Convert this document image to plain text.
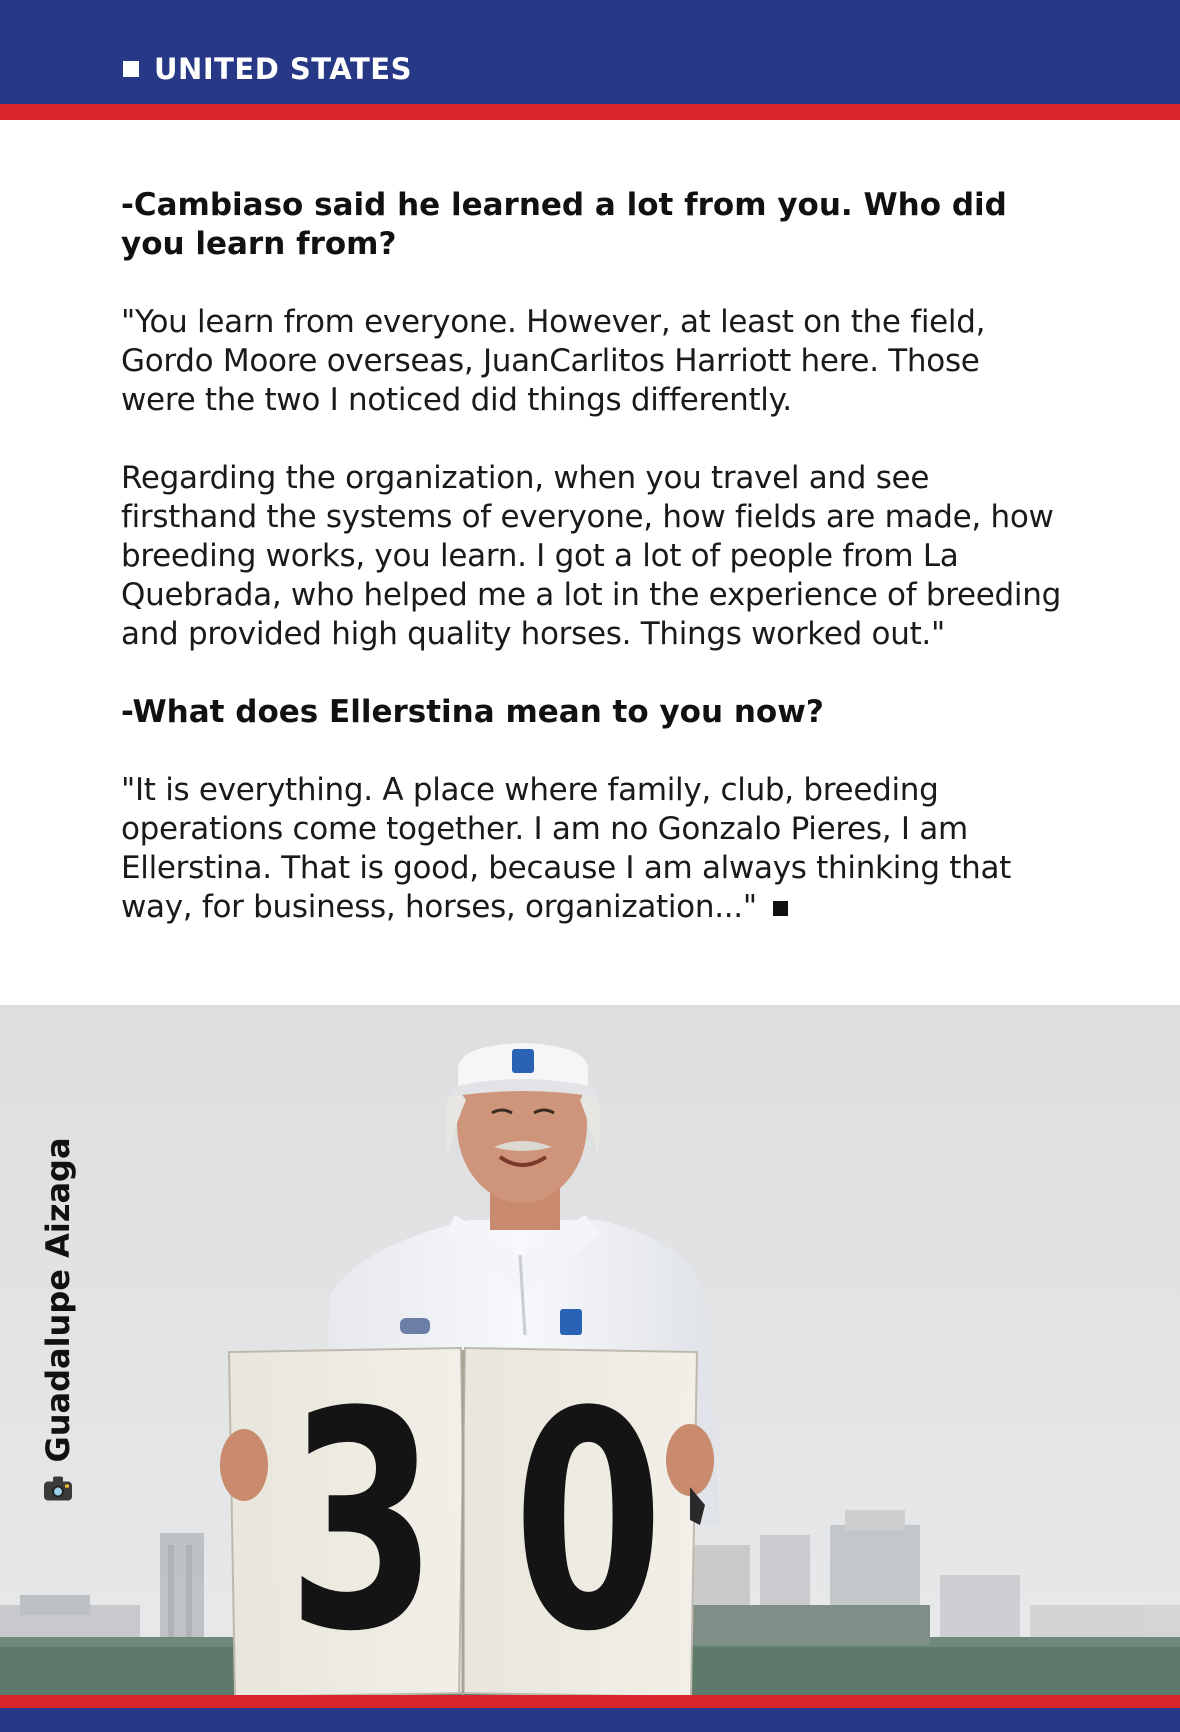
UNITED STATES

-Cambiaso said he learned a lot from you. Who did you learn from?

"You learn from everyone. However, at least on the field, Gordo Moore overseas, JuanCarlitos Harriott here. Those were the two I noticed did things differently.

Regarding the organization, when you travel and see firsthand the systems of everyone, how fields are made, how breeding works, you learn. I got a lot of people from La Quebrada, who helped me a lot in the experience of breeding and provided high quality horses. Things worked out."

-What does Ellerstina mean to you now?

"It is everything. A place where family, club, breeding operations come together. I am no Gonzalo Pieres, I am Ellerstina. That is good, because I am always thinking that way, for business, horses, organization..."

3 0
Guadalupe Aizaga
